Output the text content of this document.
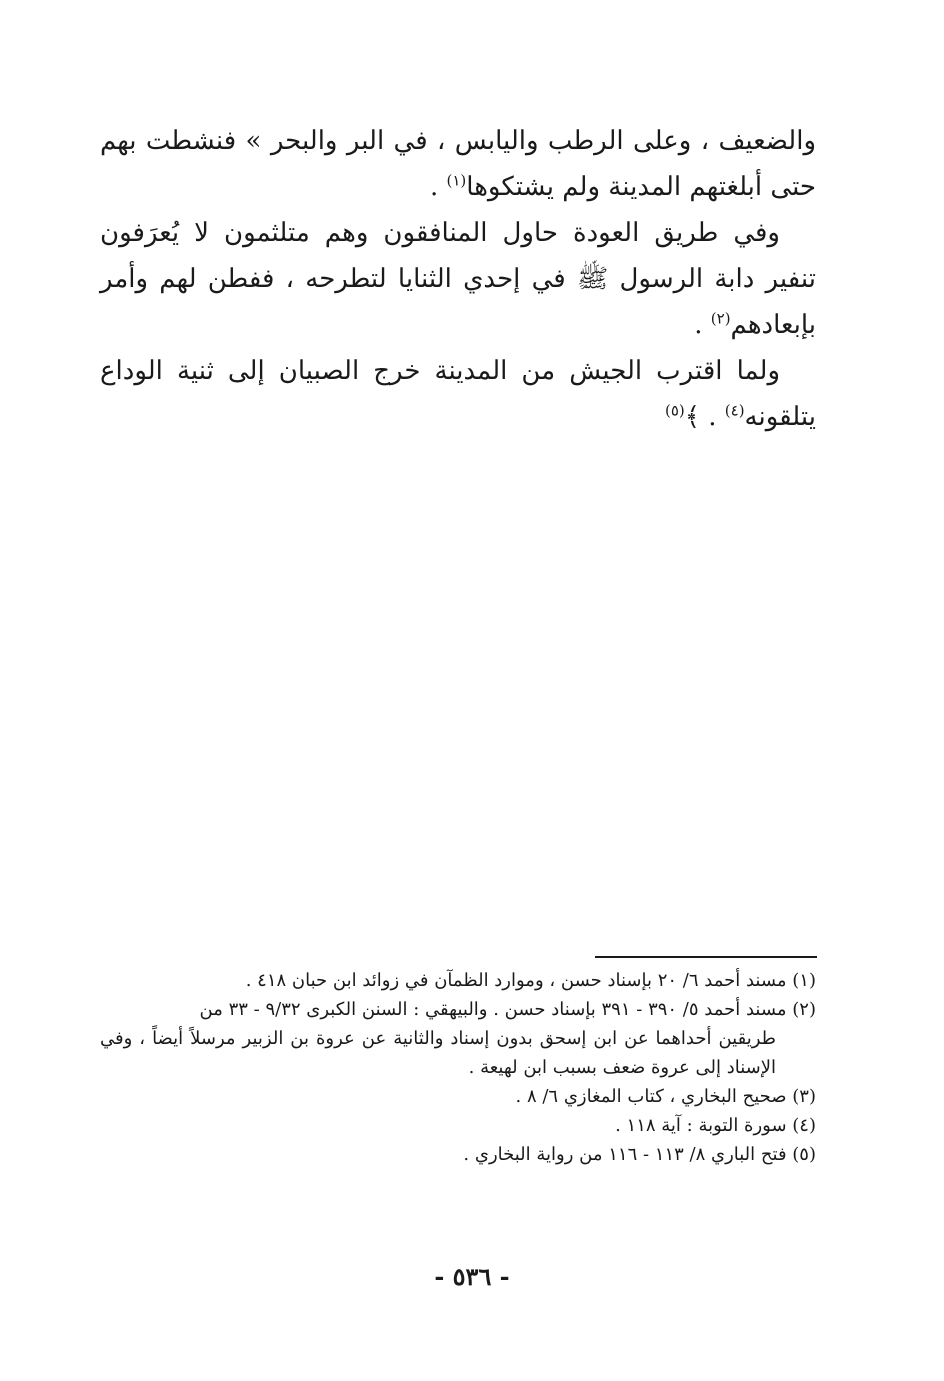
والضعيف ، وعلى الرطب واليابس ، في البر والبحر » فنشطت بهم حتى أبلغتهم المدينة ولم يشتكوها$^{(١)}$ .

وفي طريق العودة حاول المنافقون وهم متلثمون لا يُعرَفون تنفير دابة الرسول ﷺ في إحدي الثنايا لتطرحه ، ففطن لهم وأمر بإبعادهم$^{(٢)}$ .

ولما اقترب الجيش من المدينة خرج الصبيان إلى ثنية الوداع يتلقونه$^{(٤)}$ . ﴾$^{(٥)}$

(١) مسند أحمد ٦/ ٢٠ بإسناد حسن ، وموارد الظمآن في زوائد ابن حبان ٤١٨ .

(٢) مسند أحمد ٥/ ٣٩٠ - ٣٩١ بإسناد حسن . والبيهقي : السنن الكبرى ٩/٣٢ - ٣٣ من

طريقين أحداهما عن ابن إسحق بدون إسناد والثانية عن عروة بن الزبير مرسلاً أيضاً ، وفي الإسناد إلى عروة ضعف بسبب ابن لهيعة .

(٣) صحيح البخاري ، كتاب المغازي ٦/ ٨ .

(٤) سورة التوبة : آية ١١٨ .

(٥) فتح الباري ٨/ ١١٣ - ١١٦ من رواية البخاري .

- ٥٣٦ -
